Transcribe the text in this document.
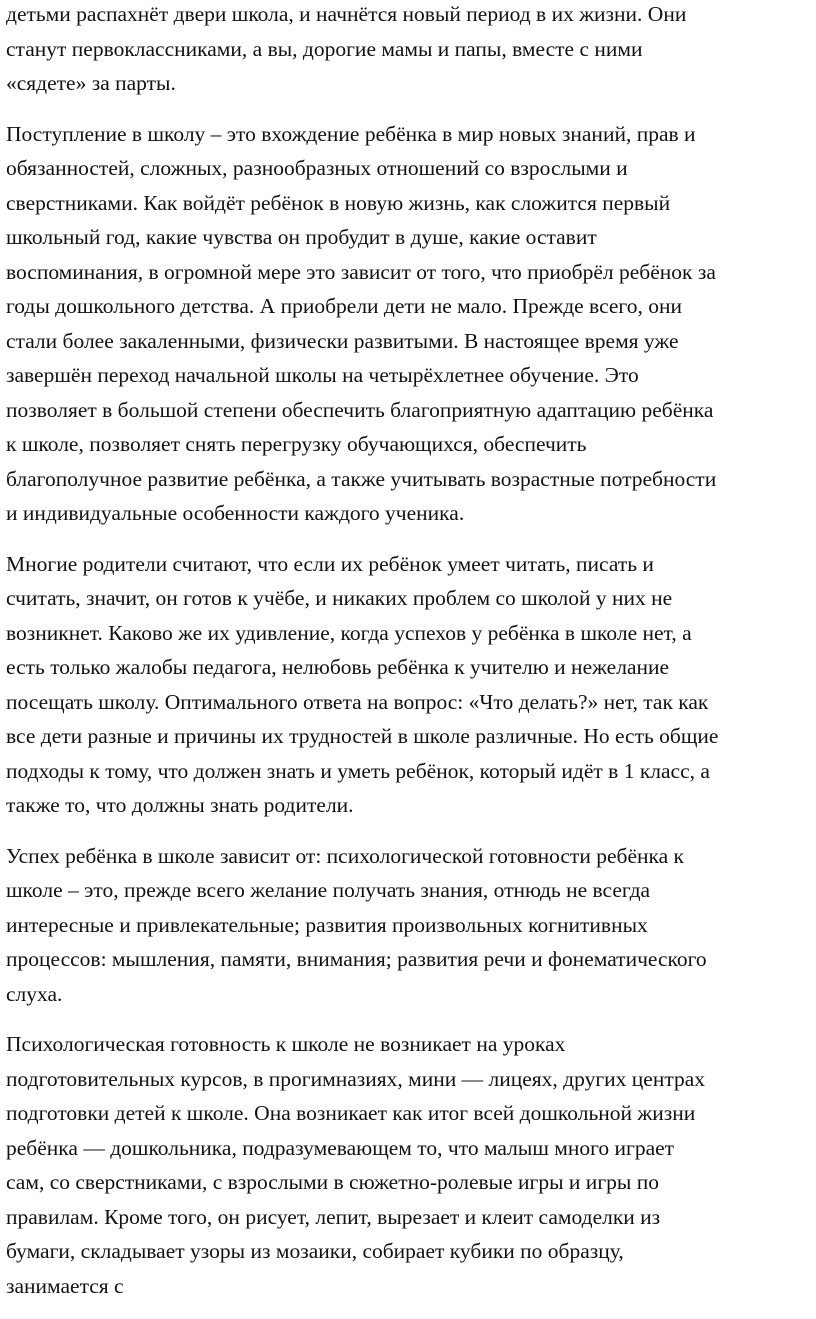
детьми распахнёт двери школа, и начнётся новый период в их жизни. Они
станут первоклассниками, а вы, дорогие мамы и папы, вместе с ними
«сядете» за парты.

Поступление в школу – это вхождение ребёнка в мир новых знаний, прав и
обязанностей, сложных, разнообразных отношений со взрослыми и
сверстниками. Как войдёт ребёнок в новую жизнь, как сложится первый
школьный год, какие чувства он пробудит в душе, какие оставит
воспоминания, в огромной мере это зависит от того, что приобрёл ребёнок за
годы дошкольного детства. А приобрели дети не мало. Прежде всего, они
стали более закаленными, физически развитыми. В настоящее время уже
завершён переход начальной школы на четырёхлетнее обучение. Это
позволяет в большой степени обеспечить благоприятную адаптацию ребёнка
к школе, позволяет снять перегрузку обучающихся, обеспечить
благополучное развитие ребёнка, а также учитывать возрастные потребности
и индивидуальные особенности каждого ученика.

Многие родители считают, что если их ребёнок умеет читать, писать и
считать, значит, он готов к учёбе, и никаких проблем со школой у них не
возникнет. Каково же их удивление, когда успехов у ребёнка в школе нет, а
есть только жалобы педагога, нелюбовь ребёнка к учителю и нежелание
посещать школу. Оптимального ответа на вопрос: «Что делать?» нет, так как
все дети разные и причины их трудностей в школе различные. Но есть общие
подходы к тому, что должен знать и уметь ребёнок, который идёт в 1 класс, а
также то, что должны знать родители.

Успех ребёнка в школе зависит от: психологической готовности ребёнка к
школе – это, прежде всего желание получать знания, отнюдь не всегда
интересные и привлекательные; развития произвольных когнитивных
процессов: мышления, памяти, внимания; развития речи и фонематического
слуха.

Психологическая готовность к школе не возникает на уроках
подготовительных курсов, в прогимназиях, мини — лицеях, других центрах
подготовки детей к школе. Она возникает как итог всей дошкольной жизни
ребёнка — дошкольника, подразумевающем то, что малыш много играет
сам, со сверстниками, с взрослыми в сюжетно-ролевые игры и игры по
правилам. Кроме того, он рисует, лепит, вырезает и клеит самоделки из
бумаги, складывает узоры из мозаики, собирает кубики по образцу,
занимается с
